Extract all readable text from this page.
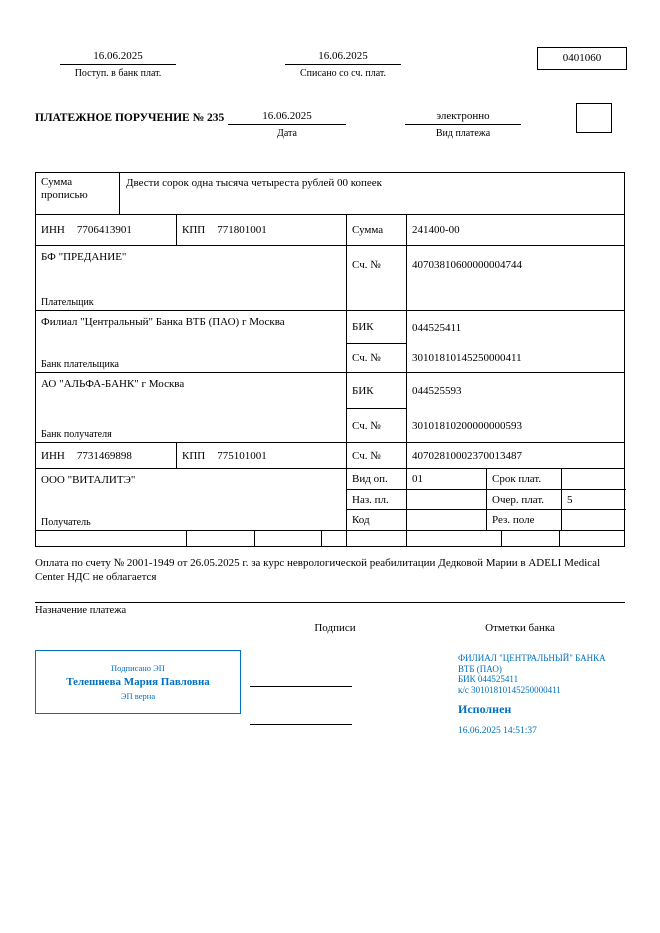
16.06.2025
Поступ. в банк плат.
16.06.2025
Списано со сч. плат.
0401060
ПЛАТЕЖНОЕ ПОРУЧЕНИЕ № 235	16.06.2025
Дата
электронно
Вид платежа
Сумма прописью
Двести сорок одна тысяча четыреста рублей 00 копеек
ИНН 7706413901	КПП 771801001	Сумма	241400-00
БФ "ПРЕДАНИЕ"
Плательщик
Сч. №	40703810600000004744
Филиал "Центральный" Банка ВТБ (ПАО) г Москва
Банк плательщика
БИК	044525411
Сч. №	30101810145250000411
АО "АЛЬФА-БАНК" г Москва
Банк получателя
БИК	044525593
Сч. №	30101810200000000593
ИНН 7731469898	КПП 775101001	Сч. №	40702810002370013487
ООО "ВИТАЛИТЭ"
Получатель
Вид оп. 01	Срок плат.
Наз. пл.	Очер. плат. 5
Код	Рез. поле
Оплата по счету № 2001-1949 от 26.05.2025 г. за курс неврологической реабилитации Дедковой Марии в ADELI Medical Center НДС не облагается
Назначение платежа
Подписи	Отметки банка
Подписано ЭП
Телешнева Мария Павловна
ЭП верна
ФИЛИАЛ "ЦЕНТРАЛЬНЫЙ" БАНКА
ВТБ (ПАО)
БИК 044525411
к/с 30101810145250000411
Исполнен
16.06.2025 14:51:37
